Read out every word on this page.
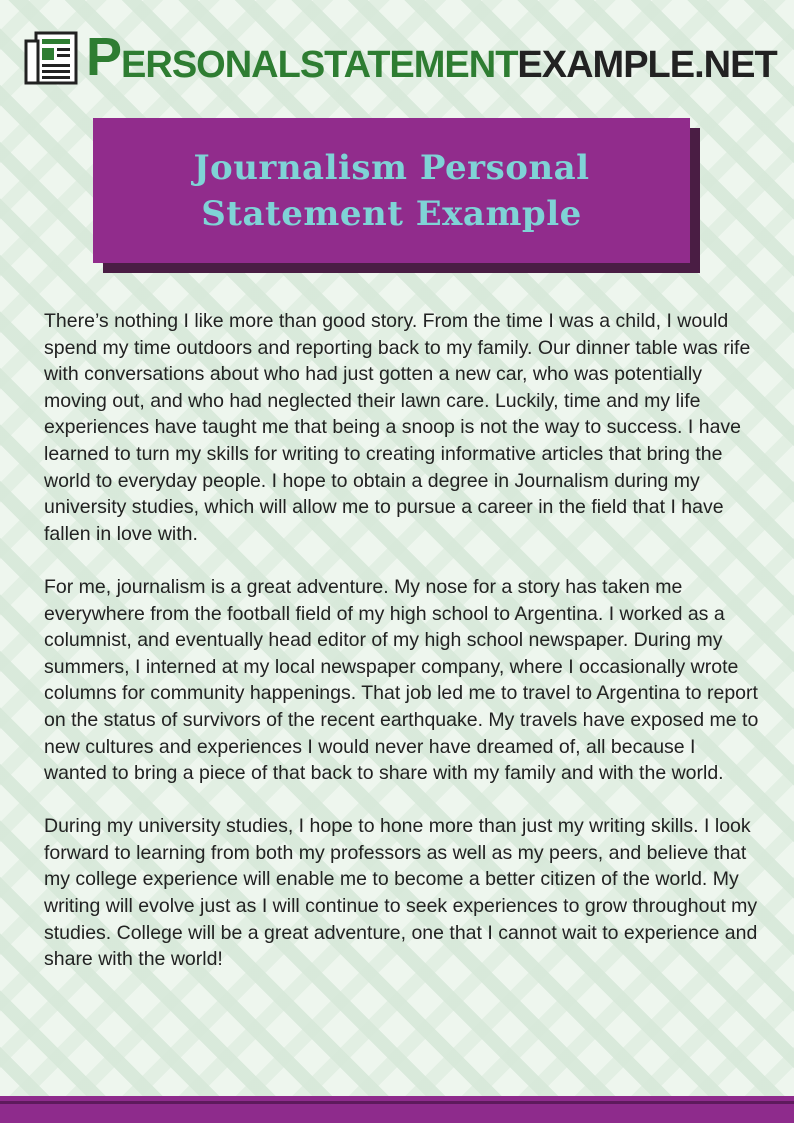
P ERSONAL STATEMENT EXAMPLE.NET
Journalism Personal
Statement Example

There’s nothing I like more than good story. From the time I was a child, I would spend my time outdoors and reporting back to my family. Our dinner table was rife with conversations about who had just gotten a new car, who was potentially moving out, and who had neglected their lawn care. Luckily, time and my life experiences have taught me that being a snoop is not the way to success. I have learned to turn my skills for writing to creating informative articles that bring the world to everyday people. I hope to obtain a degree in Journalism during my university studies, which will allow me to pursue a career in the field that I have fallen in love with.

For me, journalism is a great adventure. My nose for a story has taken me everywhere from the football field of my high school to Argentina. I worked as a columnist, and eventually head editor of my high school newspaper. During my summers, I interned at my local newspaper company, where I occasionally wrote columns for community happenings. That job led me to travel to Argentina to report on the status of survivors of the recent earthquake. My travels have exposed me to new cultures and experiences I would never have dreamed of, all because I wanted to bring a piece of that back to share with my family and with the world.

During my university studies, I hope to hone more than just my writing skills. I look forward to learning from both my professors as well as my peers, and believe that my college experience will enable me to become a better citizen of the world. My writing will evolve just as I will continue to seek experiences to grow throughout my studies. College will be a great adventure, one that I cannot wait to experience and share with the world!
